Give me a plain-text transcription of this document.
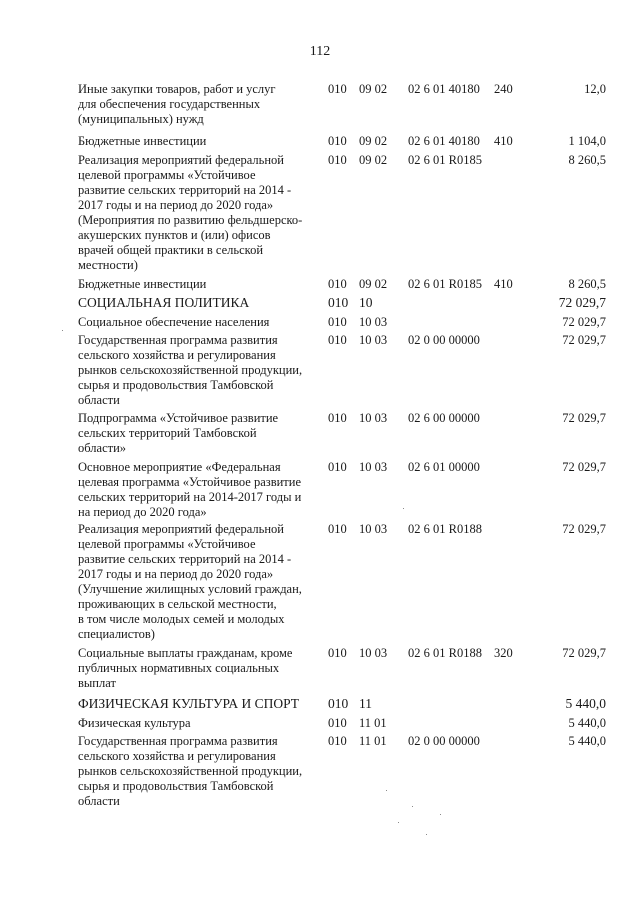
112
Иные закупки товаров, работ и услуг
для обеспечения государственных
(муниципальных) нужд
010 09 02 02 6 01 40180 240	12,0
Бюджетные инвестиции	010 09 02 02 6 01 40180 410	1 104,0
Реализация мероприятий федеральной
целевой программы «Устойчивое
развитие сельских территорий на 2014 -
2017 годы и на период до 2020 года»
(Мероприятия по развитию фельдшерско-
акушерских пунктов и (или) офисов
врачей общей практики в сельской
местности)
010 09 02 02 6 01 R0185	8 260,5
Бюджетные инвестиции	010 09 02 02 6 01 R0185 410	8 260,5
СОЦИАЛЬНАЯ ПОЛИТИКА	010 10	72 029,7
Социальное обеспечение населения	010 10 03	72 029,7
Государственная программа развития
сельского хозяйства и регулирования
рынков сельскохозяйственной продукции,
сырья и продовольствия Тамбовской
области
010 10 03 02 0 00 00000	72 029,7
Подпрограмма «Устойчивое развитие
сельских территорий Тамбовской
области»
010 10 03 02 6 00 00000	72 029,7
Основное мероприятие «Федеральная
целевая программа «Устойчивое развитие
сельских территорий на 2014-2017 годы и
на период до 2020 года»
010 10 03 02 6 01 00000	72 029,7
Реализация мероприятий федеральной
целевой программы «Устойчивое
развитие сельских территорий на 2014 -
2017 годы и на период до 2020 года»
(Улучшение жилищных условий граждан,
проживающих в сельской местности,
в том числе молодых семей и молодых
специалистов)
010 10 03 02 6 01 R0188	72 029,7
Социальные выплаты гражданам, кроме
публичных нормативных социальных
выплат
010 10 03 02 6 01 R0188 320	72 029,7
ФИЗИЧЕСКАЯ КУЛЬТУРА И СПОРТ	010 11	5 440,0
Физическая культура	010 11 01	5 440,0
Государственная программа развития
сельского хозяйства и регулирования
рынков сельскохозяйственной продукции,
сырья и продовольствия Тамбовской
области
010 11 01 02 0 00 00000	5 440,0
